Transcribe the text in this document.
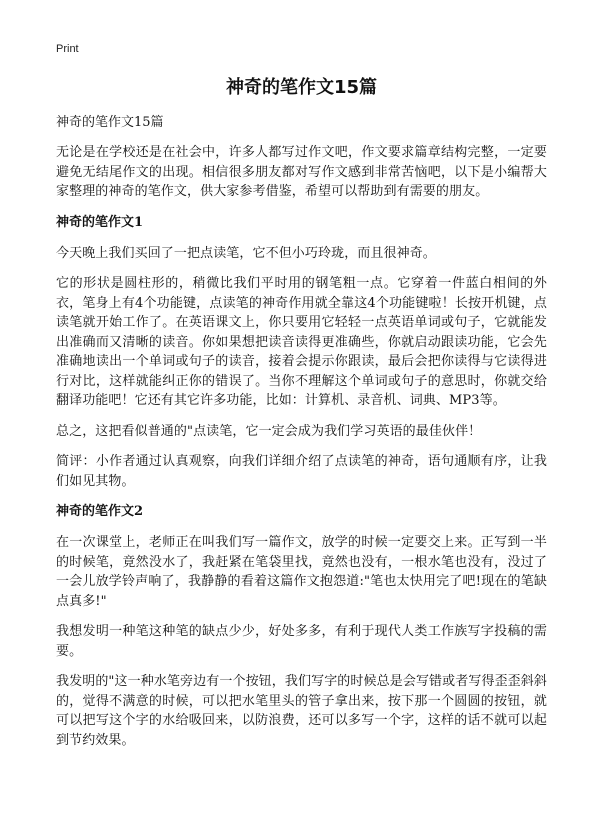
Print
神奇的笔作文15篇
神奇的笔作文15篇

无论是在学校还是在社会中，许多人都写过作文吧，作文要求篇章结构完整，一定要避免无结尾作文的出现。相信很多朋友都对写作文感到非常苦恼吧，以下是小编帮大家整理的神奇的笔作文，供大家参考借鉴，希望可以帮助到有需要的朋友。

神奇的笔作文1

今天晚上我们买回了一把点读笔，它不但小巧玲珑，而且很神奇。

它的形状是圆柱形的，稍微比我们平时用的钢笔粗一点。它穿着一件蓝白相间的外衣，笔身上有4个功能键，点读笔的神奇作用就全靠这4个功能键啦！长按开机键，点读笔就开始工作了。在英语课文上，你只要用它轻轻一点英语单词或句子，它就能发出准确而又清晰的读音。你如果想把读音读得更准确些，你就启动跟读功能，它会先准确地读出一个单词或句子的读音，接着会提示你跟读，最后会把你读得与它读得进行对比，这样就能纠正你的错误了。当你不理解这个单词或句子的意思时，你就交给翻译功能吧！它还有其它许多功能，比如：计算机、录音机、词典、MP3等。

总之，这把看似普通的"点读笔，它一定会成为我们学习英语的最佳伙伴！

简评：小作者通过认真观察，向我们详细介绍了点读笔的神奇，语句通顺有序，让我们如见其物。

神奇的笔作文2

在一次课堂上，老师正在叫我们写一篇作文，放学的时候一定要交上来。正写到一半的时候笔，竟然没水了，我赶紧在笔袋里找，竟然也没有，一根水笔也没有，没过了一会儿放学铃声响了，我静静的看着这篇作文抱怨道:"笔也太快用完了吧!现在的笔缺点真多!"

我想发明一种笔这种笔的缺点少少，好处多多，有利于现代人类工作族写字投稿的需要。

我发明的"这一种水笔旁边有一个按钮，我们写字的时候总是会写错或者写得歪歪斜斜的，觉得不满意的时候，可以把水笔里头的管子拿出来，按下那一个圆圆的按钮，就可以把写这个字的水给吸回来，以防浪费，还可以多写一个字，这样的话不就可以起到节约效果。
